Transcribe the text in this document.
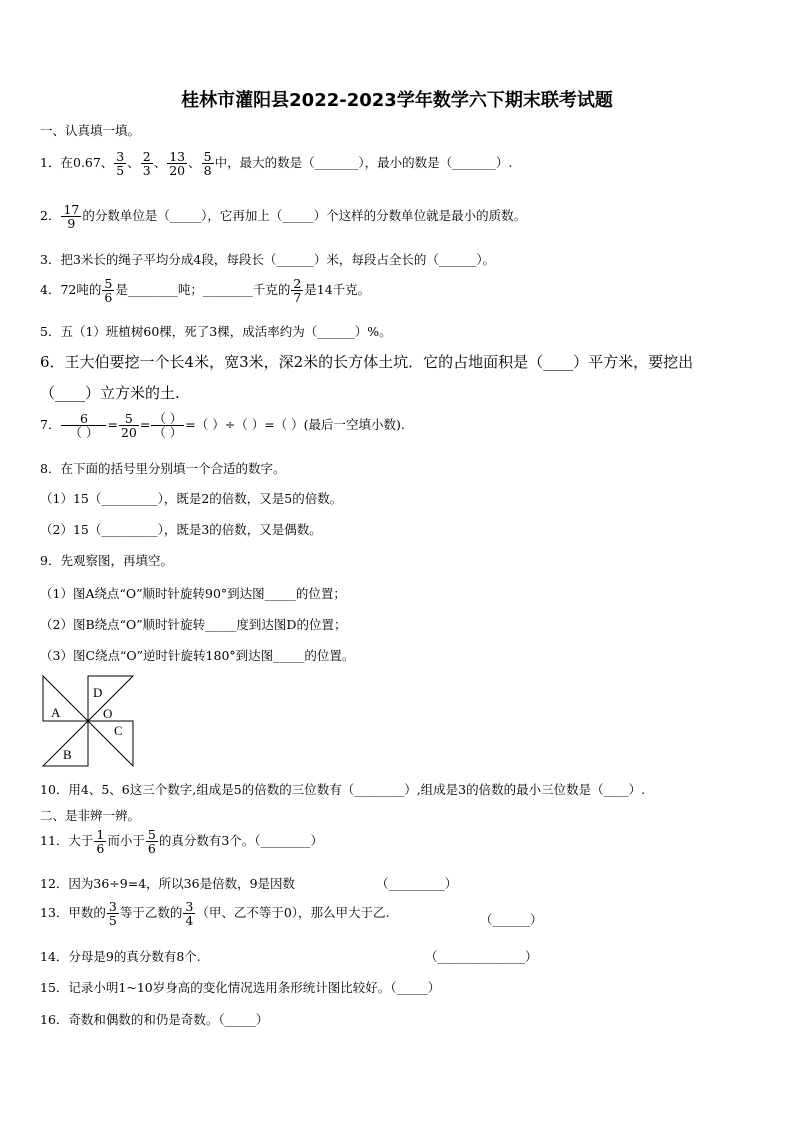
桂林市灌阳县2022-2023学年数学六下期末联考试题
一、认真填一填。
1．在0.67、 $\frac{3}{5}$ 、 $\frac{2}{3}$ 、 $\frac{13}{20}$ 、 $\frac{5}{8}$ 中，最大的数是（_______），最小的数是（_______）.
2． $\frac{17}{9}$ 的分数单位是（_____），它再加上（_____）个这样的分数单位就是最小的质数。
3．把3米长的绳子平均分成4段，每段长（______）米，每段占全长的（______）。
4．72吨的 $\frac{5}{6}$ 是________吨；________千克的 $\frac{2}{7}$ 是14千克。
5．五（1）班植树60棵，死了3棵，成活率约为（______）%。
6．王大伯要挖一个长4米，宽3米，深2米的长方体土坑．它的占地面积是（____）平方米，要挖出
（____）立方米的土.
7． $\frac{6}{( )} = \frac{5}{20} = \frac{( )}{( )}$ =（ ）÷（ ）=（ ）(最后一空填小数).
8．在下面的括号里分别填一个合适的数字。
（1）15（_________），既是2的倍数，又是5的倍数。
（2）15（_________），既是3的倍数，又是偶数。
9．先观察图，再填空。
（1）图A绕点“O”顺时针旋转90°到达图_____的位置；
（2）图B绕点“O”顺时针旋转_____度到达图D的位置；
（3）图C绕点“O”逆时针旋转180°到达图_____的位置。
A
B
C
D
O
10．用4、5、6这三个数字,组成是5的倍数的三位数有（________）,组成是3的倍数的最小三位数是（____）.
二、是非辨一辨。
11．大于 $\frac{1}{6}$ 而小于 $\frac{5}{6}$ 的真分数有3个。（________）
12．因为36÷9=4，所以36是倍数，9是因数	（_________）
13．甲数的 $\frac{3}{5}$ 等于乙数的 $\frac{3}{4}$ （甲、乙不等于0），那么甲大于乙.	（______）
14．分母是9的真分数有8个.	（______________）
15．记录小明1~10岁身高的变化情况选用条形统计图比较好。（_____）
16．奇数和偶数的和仍是奇数。（_____）
